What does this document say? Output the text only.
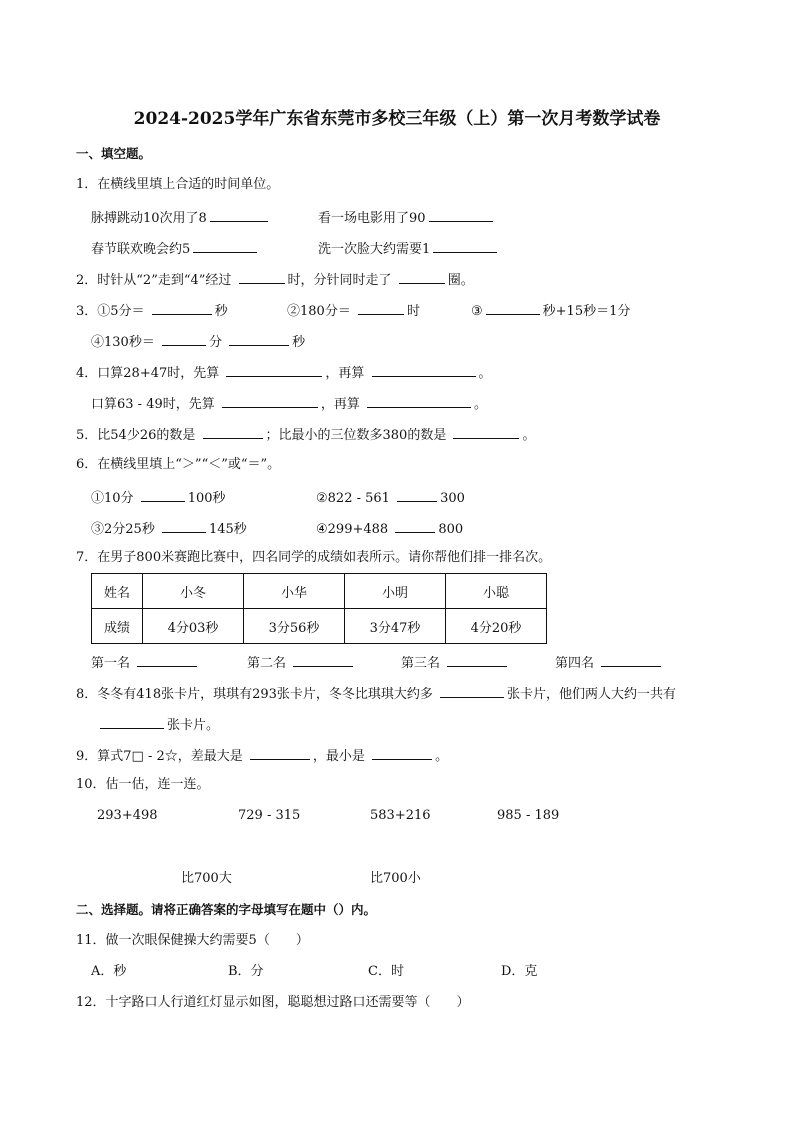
2024-2025学年广东省东莞市多校三年级（上）第一次月考数学试卷
一、填空题。
1．在横线里填上合适的时间单位。
脉搏跳动10次用了8	看一场电影用了90
春节联欢晚会约5	洗一次脸大约需要1
2．时针从“2”走到“4”经过	时，分针同时走了	圈。
3．①5分＝	秒	②180分＝	时	③	秒+15秒＝1分
④130秒＝	分	秒
4．口算28+47时，先算	，再算	。
口算63 - 49时，先算	，再算	。
5．比54少26的数是	；比最小的三位数多380的数是	。
6．在横线里填上“＞”“＜”或“＝”。
①10分	100秒	②822 - 561	300
③2分25秒	145秒	④299+488	800
7．在男子800米赛跑比赛中，四名同学的成绩如表所示。请你帮他们排一排名次。
姓名	小冬	小华	小明	小聪
成绩	4分03秒	3分56秒	3分47秒	4分20秒
第一名	第二名	第三名	第四名
8．冬冬有418张卡片，琪琪有293张卡片，冬冬比琪琪大约多	张卡片，他们两人大约一共有
张卡片。
9．算式7□ - 2☆，差最大是	，最小是	。
10．估一估，连一连。
293+498	729 - 315	583+216	985 - 189
比700大	比700小
二、选择题。请将正确答案的字母填写在题中（）内。
11．做一次眼保健操大约需要5（　　）
A．秒	B．分	C．时	D．克
12．十字路口人行道红灯显示如图，聪聪想过路口还需要等（　　）
